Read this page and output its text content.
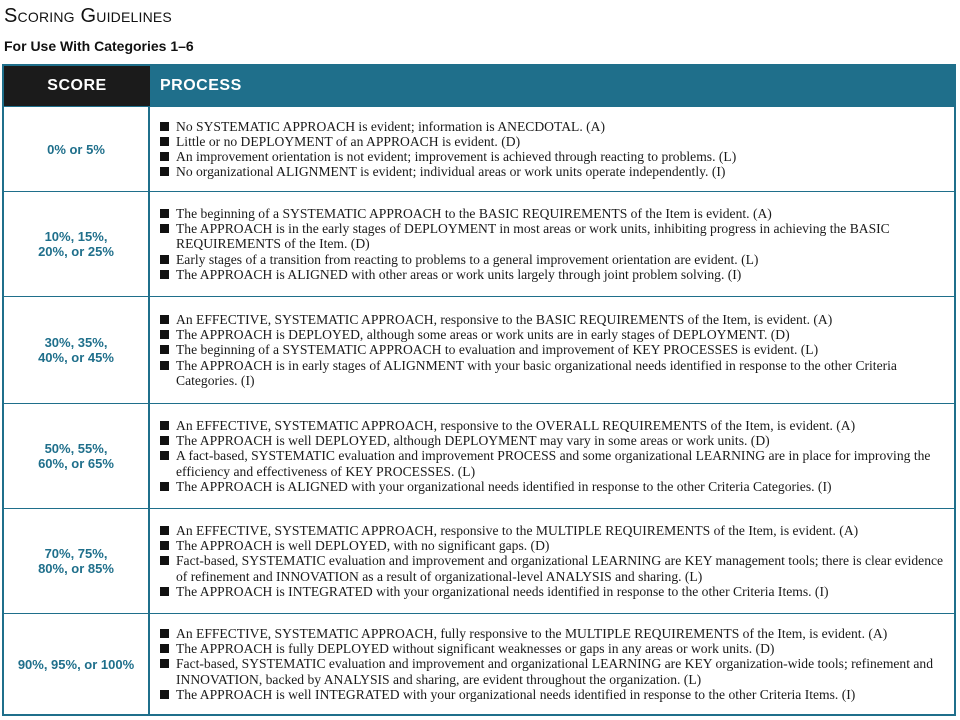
Scoring Guidelines
For Use With Categories 1–6
SCORE	PROCESS
0% or 5%
No SYSTEMATIC APPROACH is evident; information is ANECDOTAL. (A)
Little or no DEPLOYMENT of an APPROACH is evident. (D)
An improvement orientation is not evident; improvement is achieved through reacting to problems. (L)
No organizational ALIGNMENT is evident; individual areas or work units operate independently. (I)
10%, 15%,
20%, or 25%
The beginning of a SYSTEMATIC APPROACH to the BASIC REQUIREMENTS of the Item is evident. (A)
The APPROACH is in the early stages of DEPLOYMENT in most areas or work units, inhibiting progress in achieving the BASIC REQUIREMENTS of the Item. (D)
Early stages of a transition from reacting to problems to a general improvement orientation are evident. (L)
The APPROACH is ALIGNED with other areas or work units largely through joint problem solving. (I)
30%, 35%,
40%, or 45%
An EFFECTIVE, SYSTEMATIC APPROACH, responsive to the BASIC REQUIREMENTS of the Item, is evident. (A)
The APPROACH is DEPLOYED, although some areas or work units are in early stages of DEPLOYMENT. (D)
The beginning of a SYSTEMATIC APPROACH to evaluation and improvement of KEY PROCESSES is evident. (L)
The APPROACH is in early stages of ALIGNMENT with your basic organizational needs identified in response to the other Criteria Categories. (I)
50%, 55%,
60%, or 65%
An EFFECTIVE, SYSTEMATIC APPROACH, responsive to the OVERALL REQUIREMENTS of the Item, is evident. (A)
The APPROACH is well DEPLOYED, although DEPLOYMENT may vary in some areas or work units. (D)
A fact-based, SYSTEMATIC evaluation and improvement PROCESS and some organizational LEARNING are in place for improving the efficiency and effectiveness of KEY PROCESSES. (L)
The APPROACH is ALIGNED with your organizational needs identified in response to the other Criteria Categories. (I)
70%, 75%,
80%, or 85%
An EFFECTIVE, SYSTEMATIC APPROACH, responsive to the MULTIPLE REQUIREMENTS of the Item, is evident. (A)
The APPROACH is well DEPLOYED, with no significant gaps. (D)
Fact-based, SYSTEMATIC evaluation and improvement and organizational LEARNING are KEY management tools; there is clear evidence of refinement and INNOVATION as a result of organizational-level ANALYSIS and sharing. (L)
The APPROACH is INTEGRATED with your organizational needs identified in response to the other Criteria Items. (I)
90%, 95%, or 100%
An EFFECTIVE, SYSTEMATIC APPROACH, fully responsive to the MULTIPLE REQUIREMENTS of the Item, is evident. (A)
The APPROACH is fully DEPLOYED without significant weaknesses or gaps in any areas or work units. (D)
Fact-based, SYSTEMATIC evaluation and improvement and organizational LEARNING are KEY organization-wide tools; refinement and INNOVATION, backed by ANALYSIS and sharing, are evident throughout the organization. (L)
The APPROACH is well INTEGRATED with your organizational needs identified in response to the other Criteria Items. (I)
